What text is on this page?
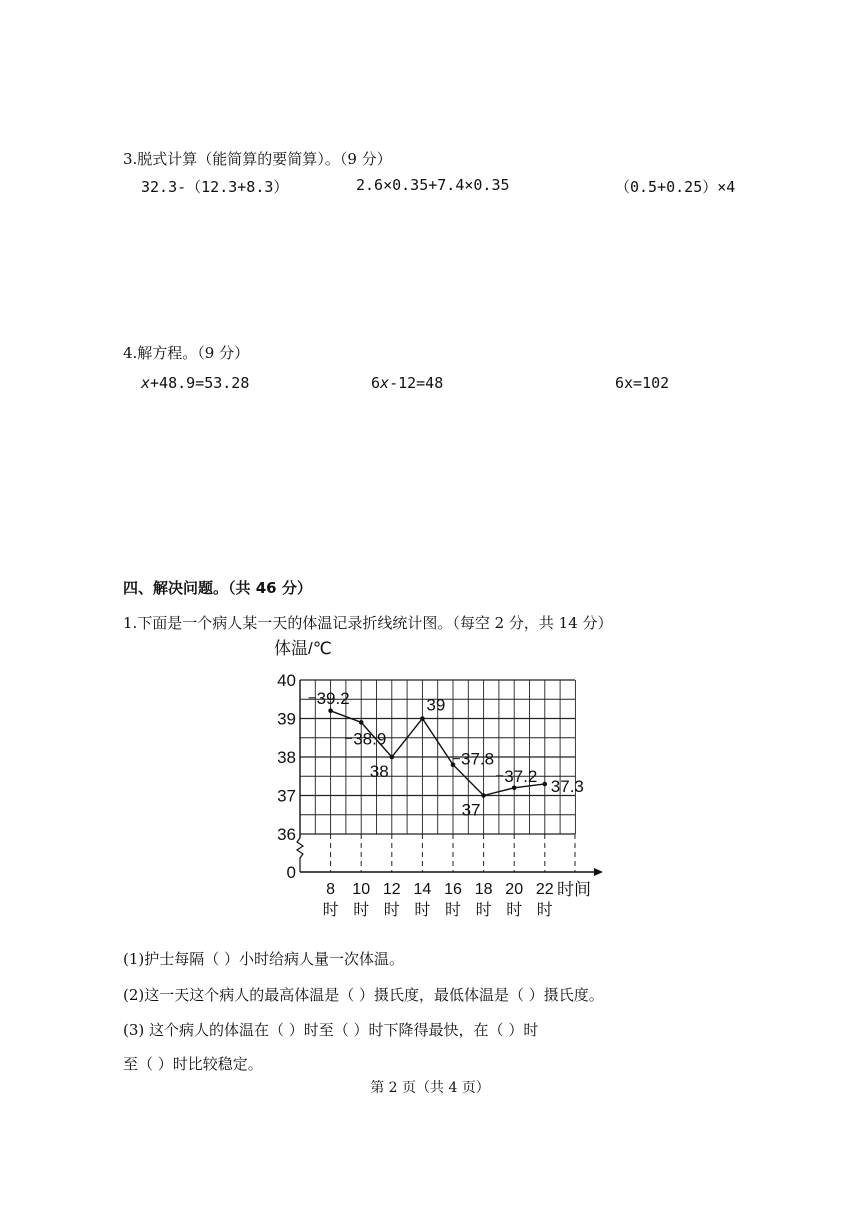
3.脱式计算（能简算的要简算）。（9 分）
32.3-（12.3+8.3）	2.6×0.35+7.4×0.35	（0.5+0.25）×4
4.解方程。（9 分）
x+48.9=53.28	6x-12=48	6x=102
四、解决问题。（共 46 分）
1.下面是一个病人某一天的体温记录折线统计图。（每空 2 分，共 14 分）
体温/℃
40
39
38
37
36
0
8
时
10
时
12
时
14
时
16
时
18
时
20
时
22
时
39.2
38.9
38
39
37.8
37
37.2
37.3
时间
(1)护士每隔（ ）小时给病人量一次体温。
(2)这一天这个病人的最高体温是（ ）摄氏度，最低体温是（ ）摄氏度。
(3) 这个病人的体温在（ ）时至（ ）时下降得最快，在（ ）时
至（ ）时比较稳定。
第 2 页（共 4 页）
